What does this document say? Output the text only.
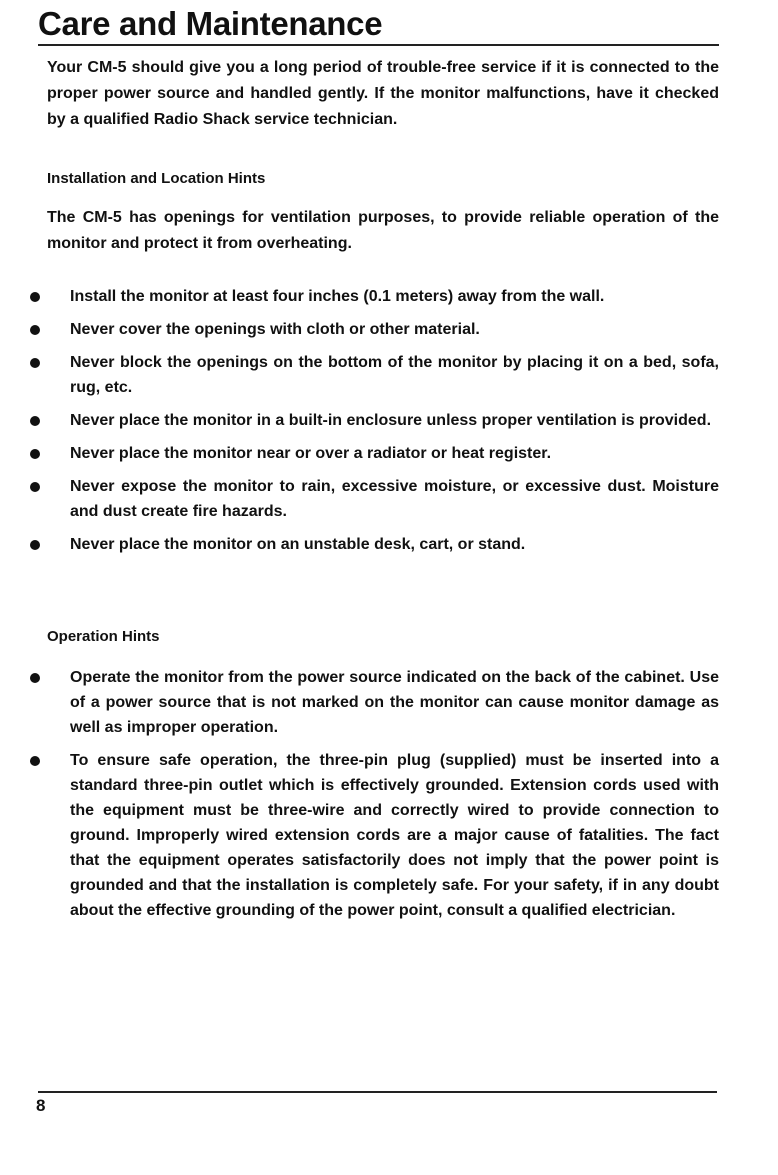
Care and Maintenance

Your CM-5 should give you a long period of trouble-free service if it is connected to the proper power source and handled gently. If the monitor malfunctions, have it checked by a qualified Radio Shack service technician.

Installation and Location Hints

The CM-5 has openings for ventilation purposes, to provide reliable operation of the monitor and protect it from overheating.

Install the monitor at least four inches (0.1 meters) away from the wall.
Never cover the openings with cloth or other material.
Never block the openings on the bottom of the monitor by placing it on a bed, sofa, rug, etc.
Never place the monitor in a built-in enclosure unless proper ventilation is provided.
Never place the monitor near or over a radiator or heat register.
Never expose the monitor to rain, excessive moisture, or excessive dust. Moisture and dust create fire hazards.
Never place the monitor on an unstable desk, cart, or stand.
Operation Hints
Operate the monitor from the power source indicated on the back of the cabinet. Use of a power source that is not marked on the monitor can cause monitor damage as well as improper operation.
To ensure safe operation, the three-pin plug (supplied) must be inserted into a standard three-pin outlet which is effectively grounded. Extension cords used with the equipment must be three-wire and correctly wired to provide connection to ground. Improperly wired extension cords are a major cause of fatalities. The fact that the equipment operates satisfactorily does not imply that the power point is grounded and that the installation is completely safe. For your safety, if in any doubt about the effective grounding of the power point, consult a qualified electrician.
8
